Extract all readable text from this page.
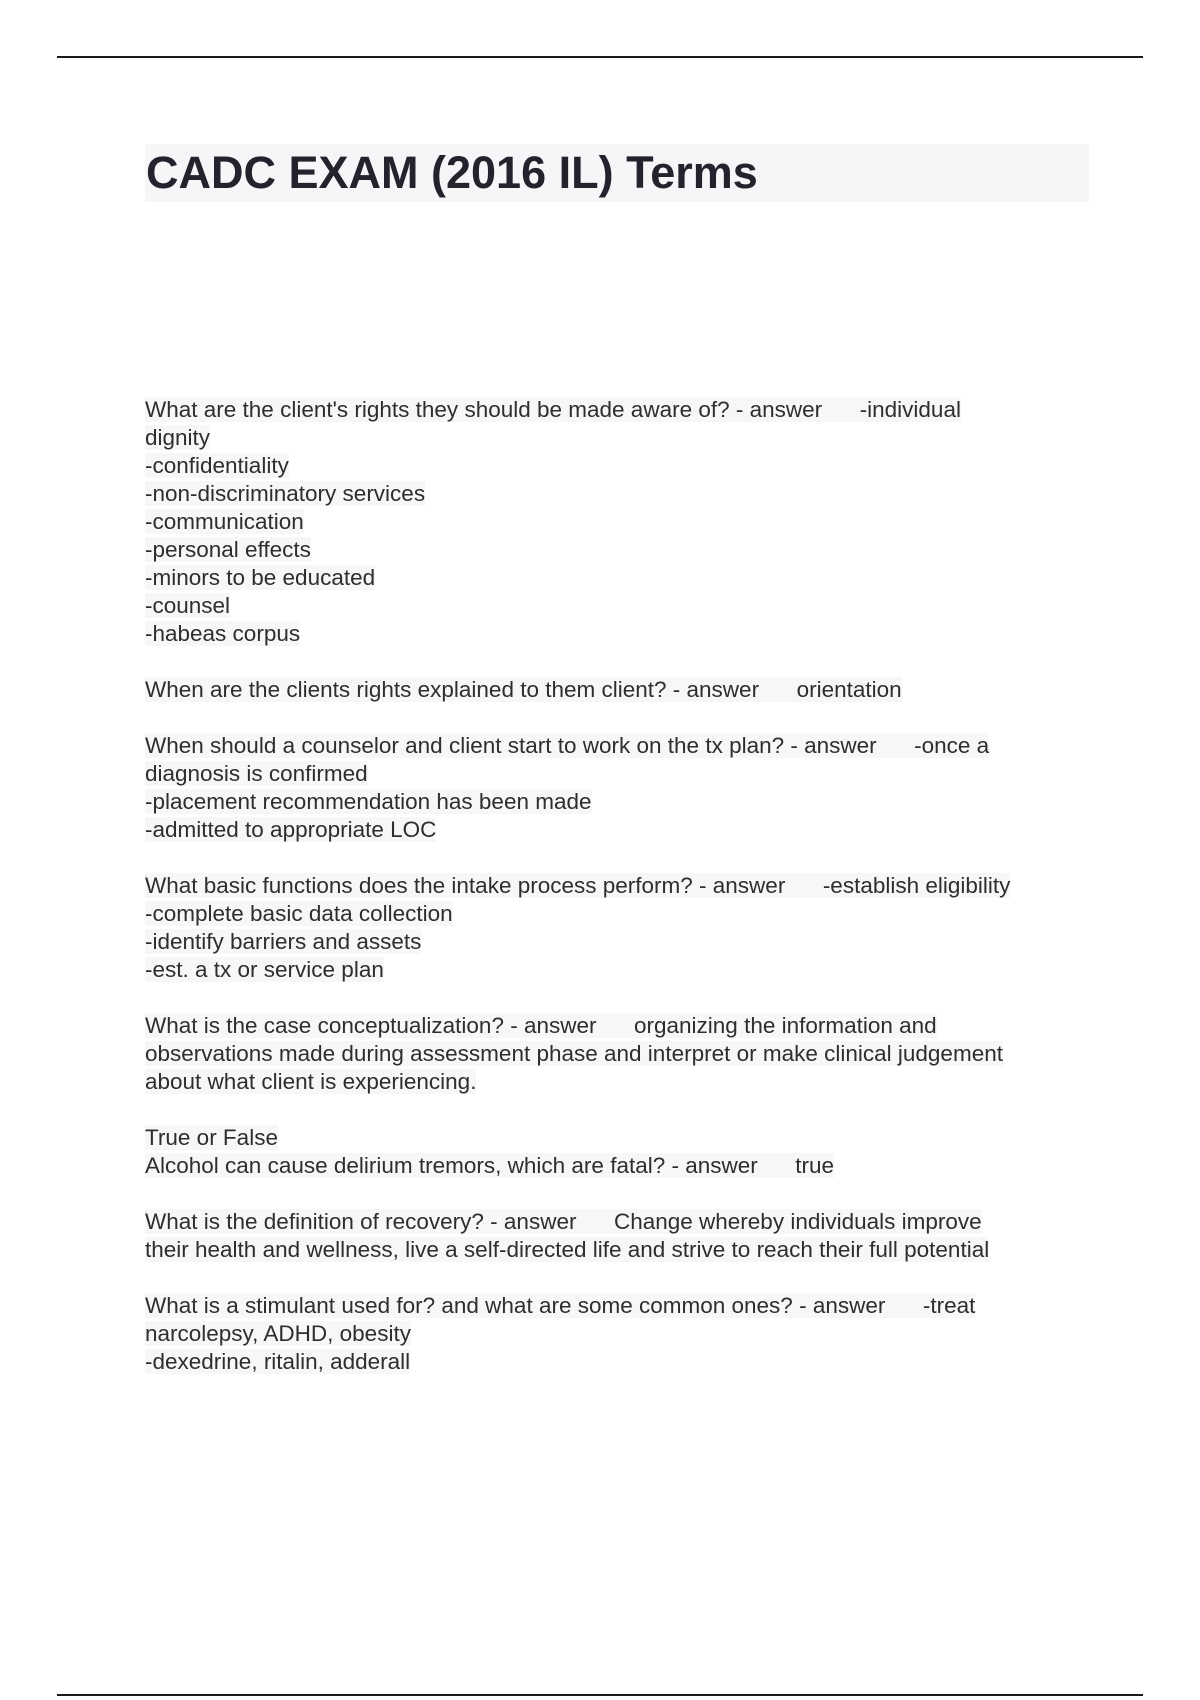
CADC EXAM (2016 IL) Terms
What are the client's rights they should be made aware of? - answer      -individual
dignity
-confidentiality
-non-discriminatory services
-communication
-personal effects
-minors to be educated
-counsel
-habeas corpus
When are the clients rights explained to them client? - answer      orientation
When should a counselor and client start to work on the tx plan? - answer      -once a
diagnosis is confirmed
-placement recommendation has been made
-admitted to appropriate LOC
What basic functions does the intake process perform? - answer      -establish eligibility
-complete basic data collection
-identify barriers and assets
-est. a tx or service plan
What is the case conceptualization? - answer      organizing the information and
observations made during assessment phase and interpret or make clinical judgement
about what client is experiencing.
True or False
Alcohol can cause delirium tremors, which are fatal? - answer      true
What is the definition of recovery? - answer      Change whereby individuals improve
their health and wellness, live a self-directed life and strive to reach their full potential
What is a stimulant used for? and what are some common ones? - answer      -treat
narcolepsy, ADHD, obesity
-dexedrine, ritalin, adderall
